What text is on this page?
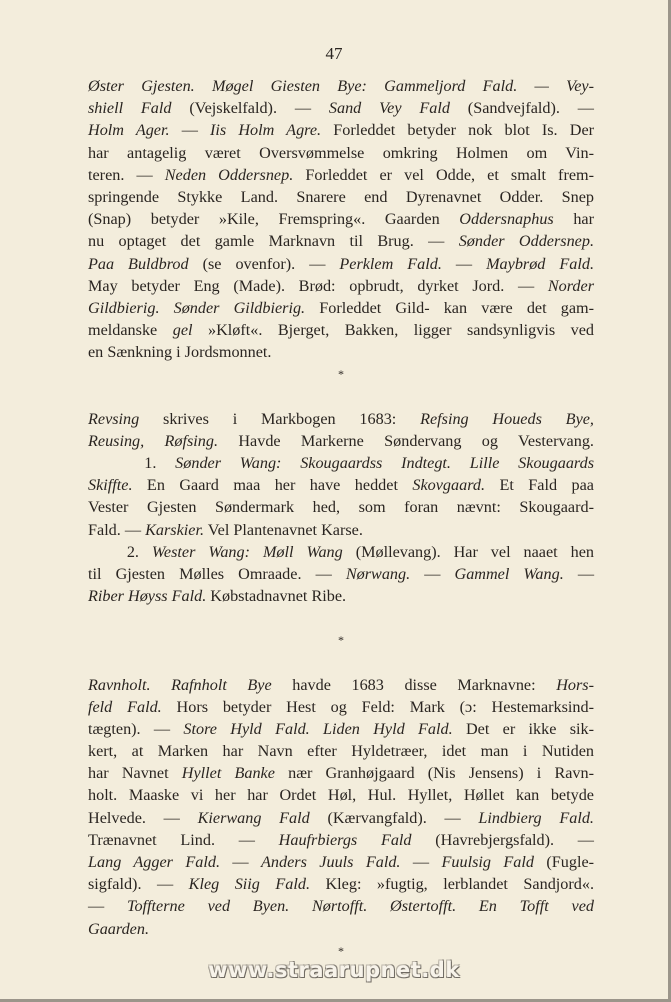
47
Øster Gjesten. Møgel Giesten Bye: Gammeljord Fald. — Vey-
shiell Fald (Vejskelfald). — Sand Vey Fald (Sandvejfald). —
Holm Ager. — Iis Holm Agre. Forleddet betyder nok blot Is. Der
har antagelig været Oversvømmelse omkring Holmen om Vin-
teren. — Neden Oddersnep. Forleddet er vel Odde, et smalt frem-
springende Stykke Land. Snarere end Dyrenavnet Odder. Snep
(Snap) betyder »Kile, Fremspring«. Gaarden Oddersnaphus har
nu optaget det gamle Marknavn til Brug. — Sønder Oddersnep.
Paa Buldbrod (se ovenfor). — Perklem Fald. — Maybrød Fald.
May betyder Eng (Made). Brød: opbrudt, dyrket Jord. — Norder
Gildbierig. Sønder Gildbierig. Forleddet Gild- kan være det gam-
meldanske gel »Kløft«. Bjerget, Bakken, ligger sandsynligvis ved
en Sænkning i Jordsmonnet.
*
Revsing skrives i Markbogen 1683: Refsing Houeds Bye,
Reusing, Røfsing. Havde Markerne Søndervang og Vestervang.
1. Sønder Wang: Skougaardss Indtegt. Lille Skougaards
Skiffte. En Gaard maa her have heddet Skovgaard. Et Fald paa
Vester Gjesten Søndermark hed, som foran nævnt: Skougaard-
Fald. — Karskier. Vel Plantenavnet Karse.
2. Wester Wang: Møll Wang (Møllevang). Har vel naaet hen
til Gjesten Mølles Omraade. — Nørwang. — Gammel Wang. —
Riber Høyss Fald. Købstadnavnet Ribe.
*
Ravnholt. Rafnholt Bye havde 1683 disse Marknavne: Hors-
feld Fald. Hors betyder Hest og Feld: Mark (ɔ: Hestemarksind-
tægten). — Store Hyld Fald. Liden Hyld Fald. Det er ikke sik-
kert, at Marken har Navn efter Hyldetræer, idet man i Nutiden
har Navnet Hyllet Banke nær Granhøjgaard (Nis Jensens) i Ravn-
holt. Maaske vi her har Ordet Høl, Hul. Hyllet, Høllet kan betyde
Helvede. — Kierwang Fald (Kærvangfald). — Lindbierg Fald.
Trænavnet Lind. — Haufrbiergs Fald (Havrebjergsfald). —
Lang Agger Fald. — Anders Juuls Fald. — Fuulsig Fald (Fugle-
sigfald). — Kleg Siig Fald. Kleg: »fugtig, lerblandet Sandjord«.
— Toffterne ved Byen. Nørtofft. Østertofft. En Tofft ved
Gaarden.
*
www.straarupnet.dk
